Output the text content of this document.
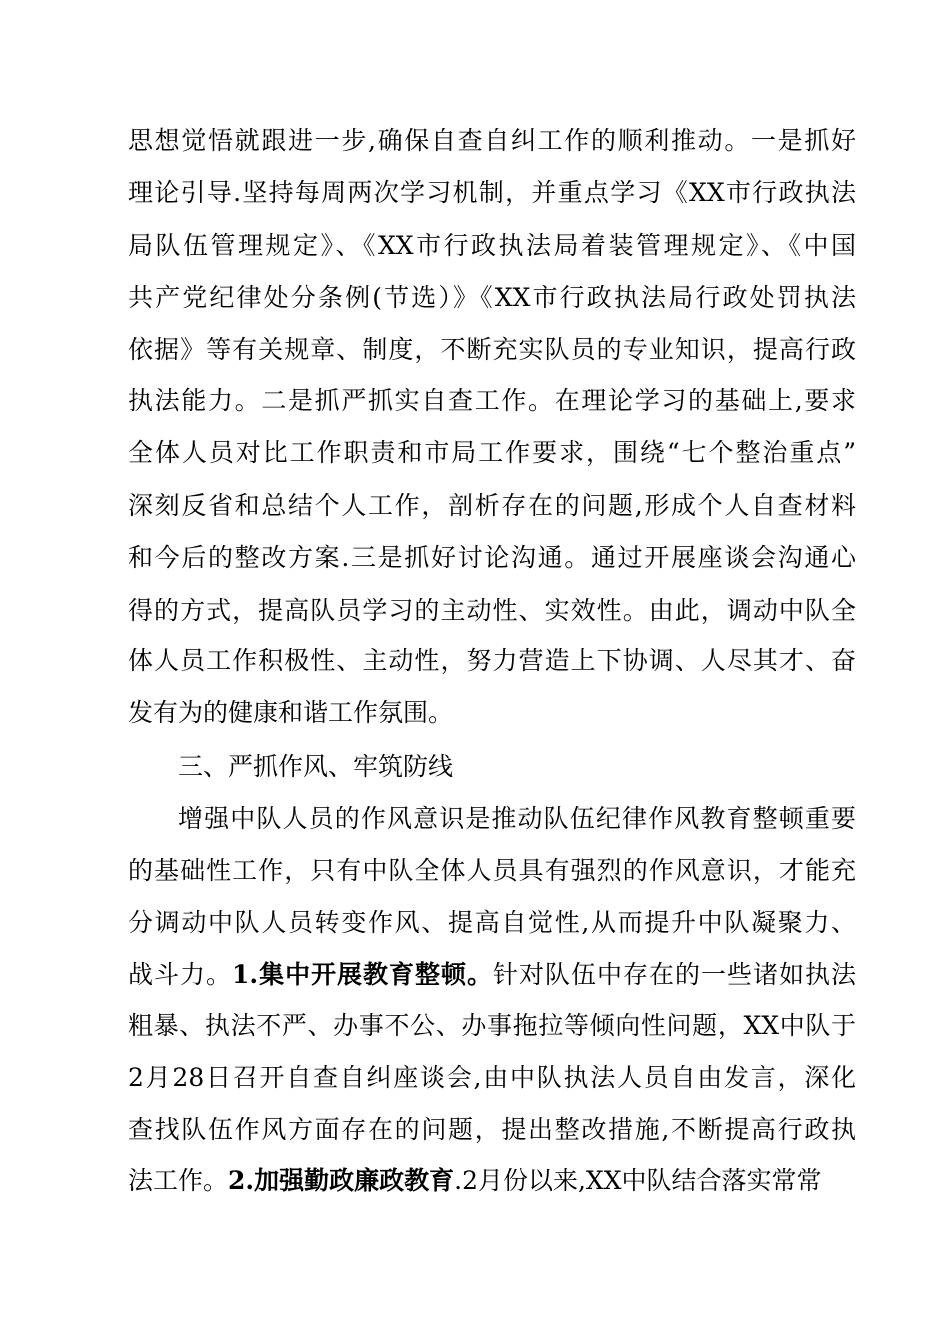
思想觉悟就跟进一步,确保自查自纠工作的顺利推动。一是抓好
理论引导.坚持每周两次学习机制，并重点学习《XX市行政执法
局队伍管理规定》、《XX市行政执法局着装管理规定》、《中国
共产党纪律处分条例(节选）》《XX市行政执法局行政处罚执法
依据》等有关规章、制度，不断充实队员的专业知识，提高行政
执法能力。二是抓严抓实自查工作。在理论学习的基础上,要求
全体人员对比工作职责和市局工作要求，围绕“七个整治重点”
深刻反省和总结个人工作，剖析存在的问题,形成个人自查材料
和今后的整改方案.三是抓好讨论沟通。通过开展座谈会沟通心
得的方式，提高队员学习的主动性、实效性。由此，调动中队全
体人员工作积极性、主动性，努力营造上下协调、人尽其才、奋
发有为的健康和谐工作氛围。
三、严抓作风、牢筑防线
增强中队人员的作风意识是推动队伍纪律作风教育整顿重要
的基础性工作，只有中队全体人员具有强烈的作风意识，才能充
分调动中队人员转变作风、提高自觉性,从而提升中队凝聚力、
战斗力。1.集中开展教育整顿。针对队伍中存在的一些诸如执法
粗暴、执法不严、办事不公、办事拖拉等倾向性问题，XX中队于
2月28日召开自查自纠座谈会,由中队执法人员自由发言，深化
查找队伍作风方面存在的问题，提出整改措施,不断提高行政执
法工作。2.加强勤政廉政教育.2月份以来,XX中队结合落实常常
